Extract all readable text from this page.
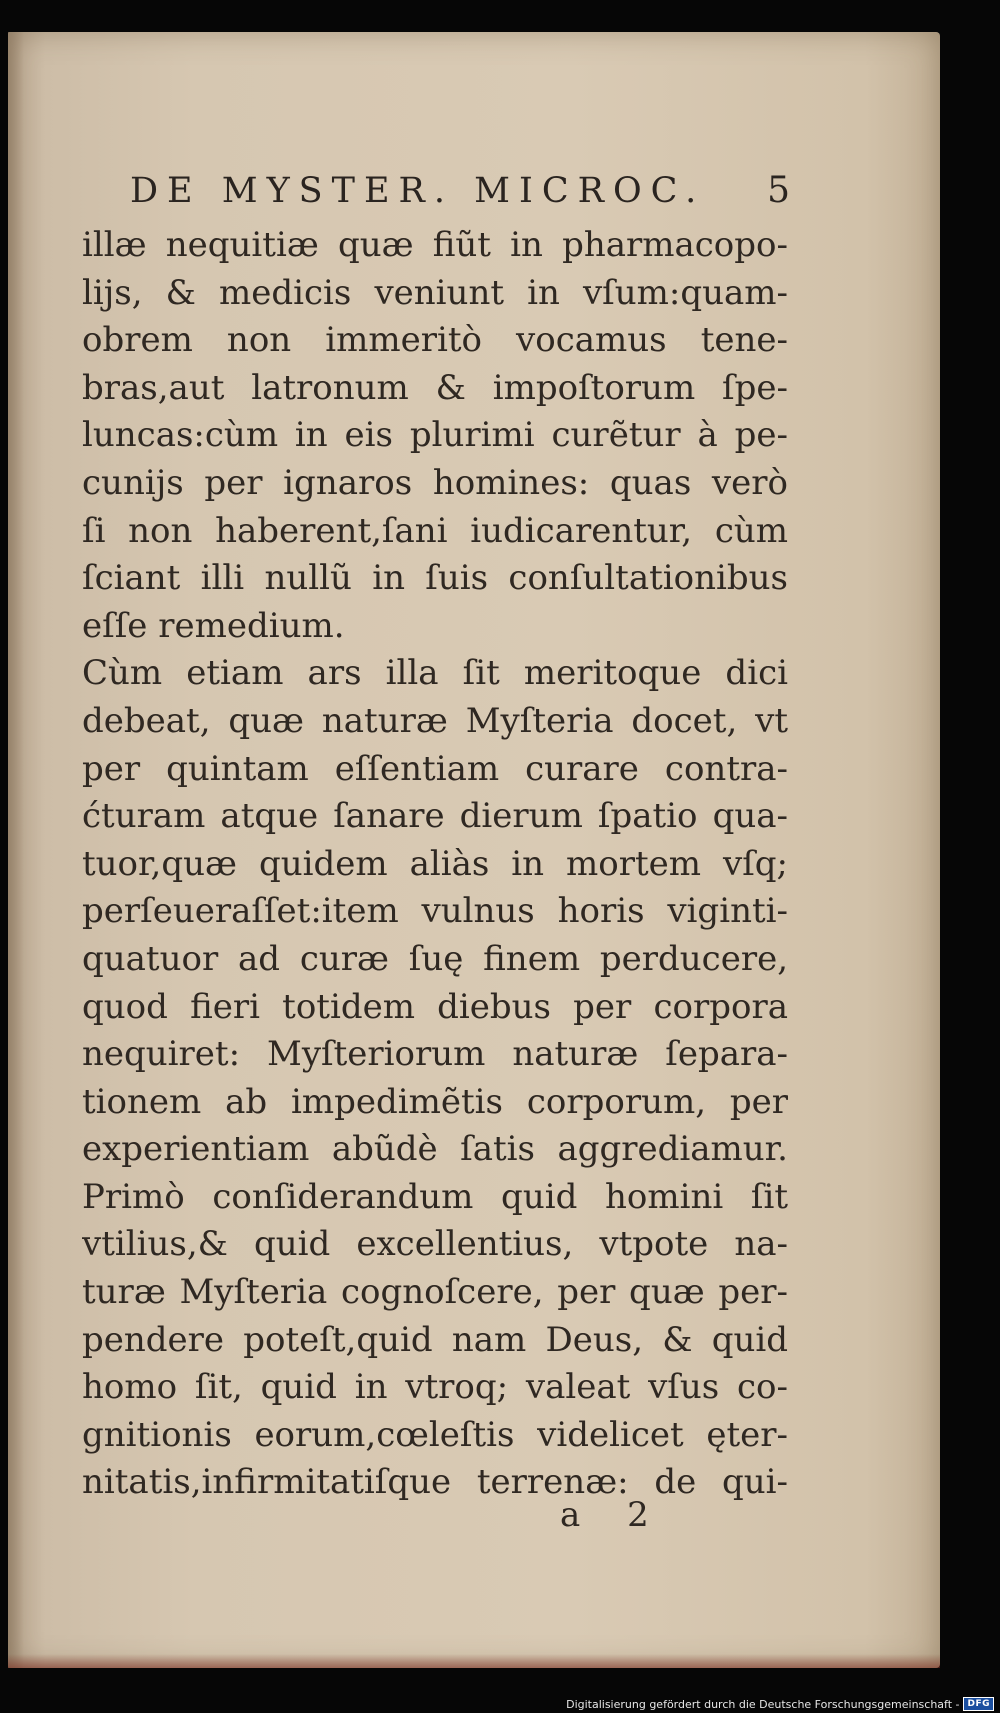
DE MYSTER. MICROC. 5
illæ nequitiæ quæ fiũt in pharmacopo-
lijs, & medicis veniunt in vſum:quam-
obrem non immeritò vocamus tene-
bras,aut latronum & impoſtorum ſpe-
luncas:cùm in eis plurimi curẽtur à pe-
cunijs per ignaros homines: quas verò
ſi non haberent,ſani iudicarentur, cùm
ſciant illi nullũ in ſuis conſultationibus
eſſe remedium.
Cùm etiam ars illa ſit meritoque dici
debeat, quæ naturæ Myſteria docet, vt
per quintam eſſentiam curare contra-
ćturam atque ſanare dierum ſpatio qua-
tuor,quæ quidem aliàs in mortem vſq;
perſeueraſſet:item vulnus horis viginti-
quatuor ad curæ ſuę finem perducere,
quod fieri totidem diebus per corpora
nequiret: Myſteriorum naturæ ſepara-
tionem ab impedimẽtis corporum, per
experientiam abũdè ſatis aggrediamur.
Primò conſiderandum quid homini ſit
vtilius,& quid excellentius, vtpote na-
turæ Myſteria cognoſcere, per quæ per-
pendere poteſt,quid nam Deus, & quid
homo ſit, quid in vtroq; valeat vſus co-
gnitionis eorum,cœleſtis videlicet ęter-
nitatis,infirmitatiſque terrenæ: de qui-
a 2
Digitalisierung gefördert durch die Deutsche Forschungsgemeinschaft - DFG
